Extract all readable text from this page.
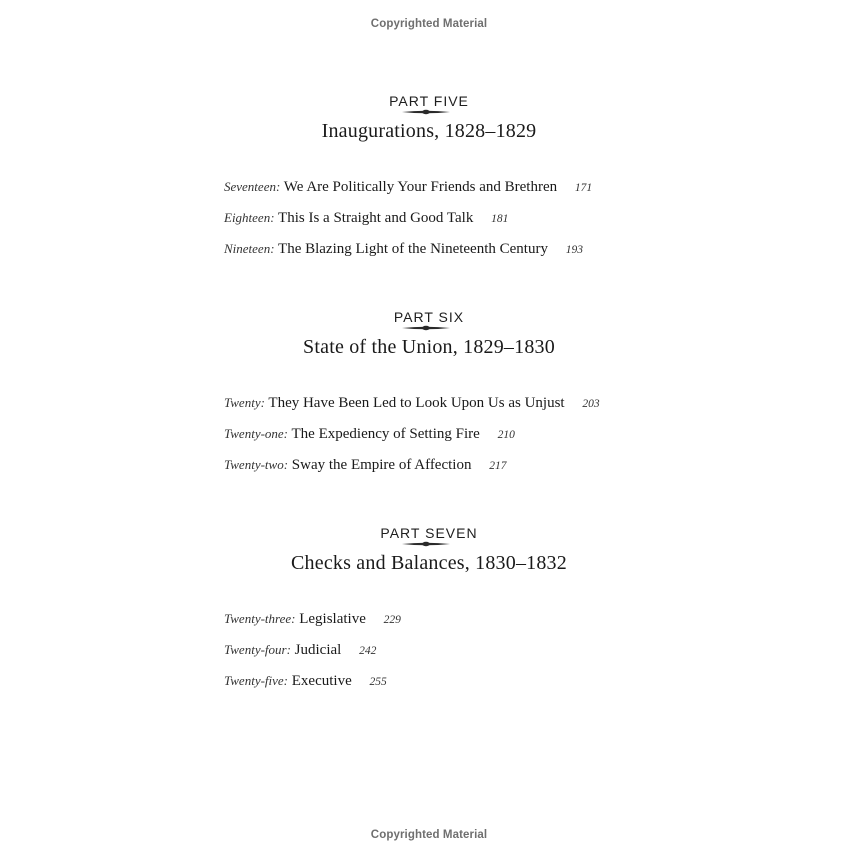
Copyrighted Material
PART FIVE
Inaugurations, 1828–1829
Seventeen: We Are Politically Your Friends and Brethren 171
Eighteen: This Is a Straight and Good Talk 181
Nineteen: The Blazing Light of the Nineteenth Century 193
PART SIX
State of the Union, 1829–1830
Twenty: They Have Been Led to Look Upon Us as Unjust 203
Twenty-one: The Expediency of Setting Fire 210
Twenty-two: Sway the Empire of Affection 217
PART SEVEN
Checks and Balances, 1830–1832
Twenty-three: Legislative 229
Twenty-four: Judicial 242
Twenty-five: Executive 255
Copyrighted Material
